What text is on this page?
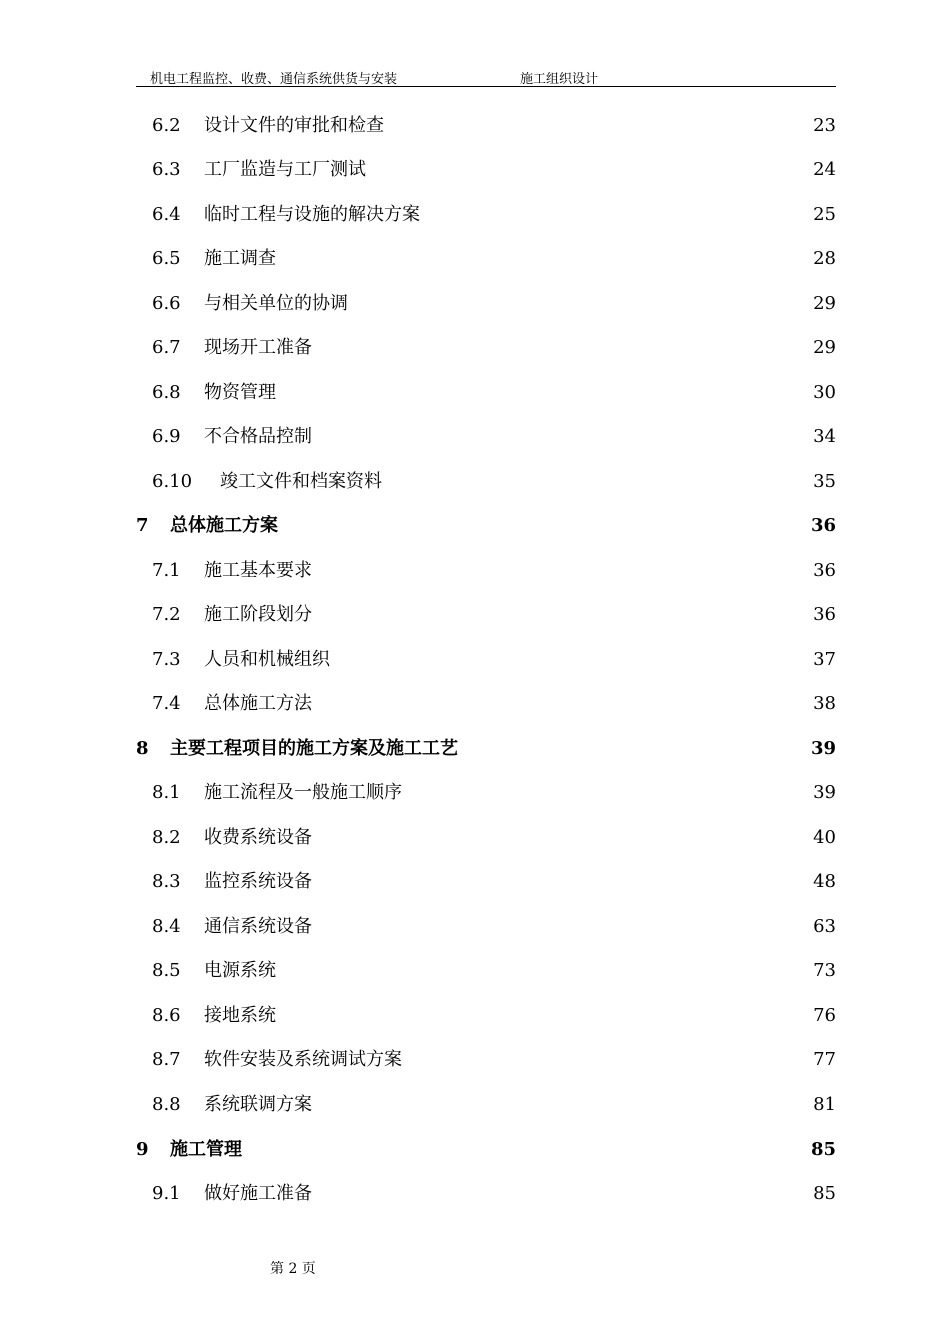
机电工程监控、收费、通信系统供货与安装	施工组织设计
6.2 设计文件的审批和检查	23
6.3 工厂监造与工厂测试	24
6.4 临时工程与设施的解决方案	25
6.5 施工调查	28
6.6 与相关单位的协调	29
6.7 现场开工准备	29
6.8 物资管理	30
6.9 不合格品控制	34
6.10 竣工文件和档案资料	35
7 总体施工方案	36
7.1 施工基本要求	36
7.2 施工阶段划分	36
7.3 人员和机械组织	37
7.4 总体施工方法	38
8 主要工程项目的施工方案及施工工艺	39
8.1 施工流程及一般施工顺序	39
8.2 收费系统设备	40
8.3 监控系统设备	48
8.4 通信系统设备	63
8.5 电源系统	73
8.6 接地系统	76
8.7 软件安装及系统调试方案	77
8.8 系统联调方案	81
9 施工管理	85
9.1 做好施工准备	85
第 2 页
